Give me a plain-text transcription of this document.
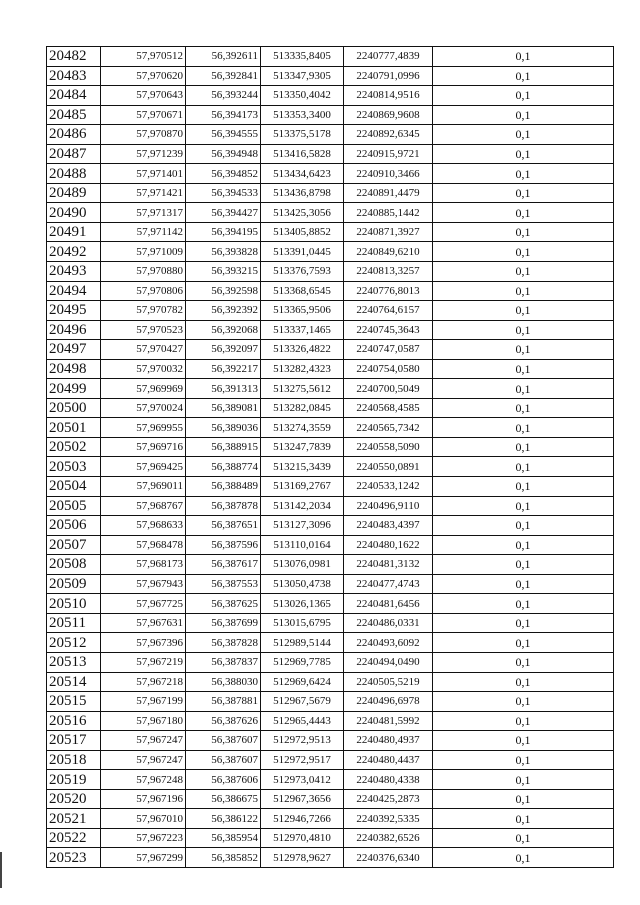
20482	57,970512	56,392611	513335,8405	2240777,4839	0,1
20483	57,970620	56,392841	513347,9305	2240791,0996	0,1
20484	57,970643	56,393244	513350,4042	2240814,9516	0,1
20485	57,970671	56,394173	513353,3400	2240869,9608	0,1
20486	57,970870	56,394555	513375,5178	2240892,6345	0,1
20487	57,971239	56,394948	513416,5828	2240915,9721	0,1
20488	57,971401	56,394852	513434,6423	2240910,3466	0,1
20489	57,971421	56,394533	513436,8798	2240891,4479	0,1
20490	57,971317	56,394427	513425,3056	2240885,1442	0,1
20491	57,971142	56,394195	513405,8852	2240871,3927	0,1
20492	57,971009	56,393828	513391,0445	2240849,6210	0,1
20493	57,970880	56,393215	513376,7593	2240813,3257	0,1
20494	57,970806	56,392598	513368,6545	2240776,8013	0,1
20495	57,970782	56,392392	513365,9506	2240764,6157	0,1
20496	57,970523	56,392068	513337,1465	2240745,3643	0,1
20497	57,970427	56,392097	513326,4822	2240747,0587	0,1
20498	57,970032	56,392217	513282,4323	2240754,0580	0,1
20499	57,969969	56,391313	513275,5612	2240700,5049	0,1
20500	57,970024	56,389081	513282,0845	2240568,4585	0,1
20501	57,969955	56,389036	513274,3559	2240565,7342	0,1
20502	57,969716	56,388915	513247,7839	2240558,5090	0,1
20503	57,969425	56,388774	513215,3439	2240550,0891	0,1
20504	57,969011	56,388489	513169,2767	2240533,1242	0,1
20505	57,968767	56,387878	513142,2034	2240496,9110	0,1
20506	57,968633	56,387651	513127,3096	2240483,4397	0,1
20507	57,968478	56,387596	513110,0164	2240480,1622	0,1
20508	57,968173	56,387617	513076,0981	2240481,3132	0,1
20509	57,967943	56,387553	513050,4738	2240477,4743	0,1
20510	57,967725	56,387625	513026,1365	2240481,6456	0,1
20511	57,967631	56,387699	513015,6795	2240486,0331	0,1
20512	57,967396	56,387828	512989,5144	2240493,6092	0,1
20513	57,967219	56,387837	512969,7785	2240494,0490	0,1
20514	57,967218	56,388030	512969,6424	2240505,5219	0,1
20515	57,967199	56,387881	512967,5679	2240496,6978	0,1
20516	57,967180	56,387626	512965,4443	2240481,5992	0,1
20517	57,967247	56,387607	512972,9513	2240480,4937	0,1
20518	57,967247	56,387607	512972,9517	2240480,4437	0,1
20519	57,967248	56,387606	512973,0412	2240480,4338	0,1
20520	57,967196	56,386675	512967,3656	2240425,2873	0,1
20521	57,967010	56,386122	512946,7266	2240392,5335	0,1
20522	57,967223	56,385954	512970,4810	2240382,6526	0,1
20523	57,967299	56,385852	512978,9627	2240376,6340	0,1
